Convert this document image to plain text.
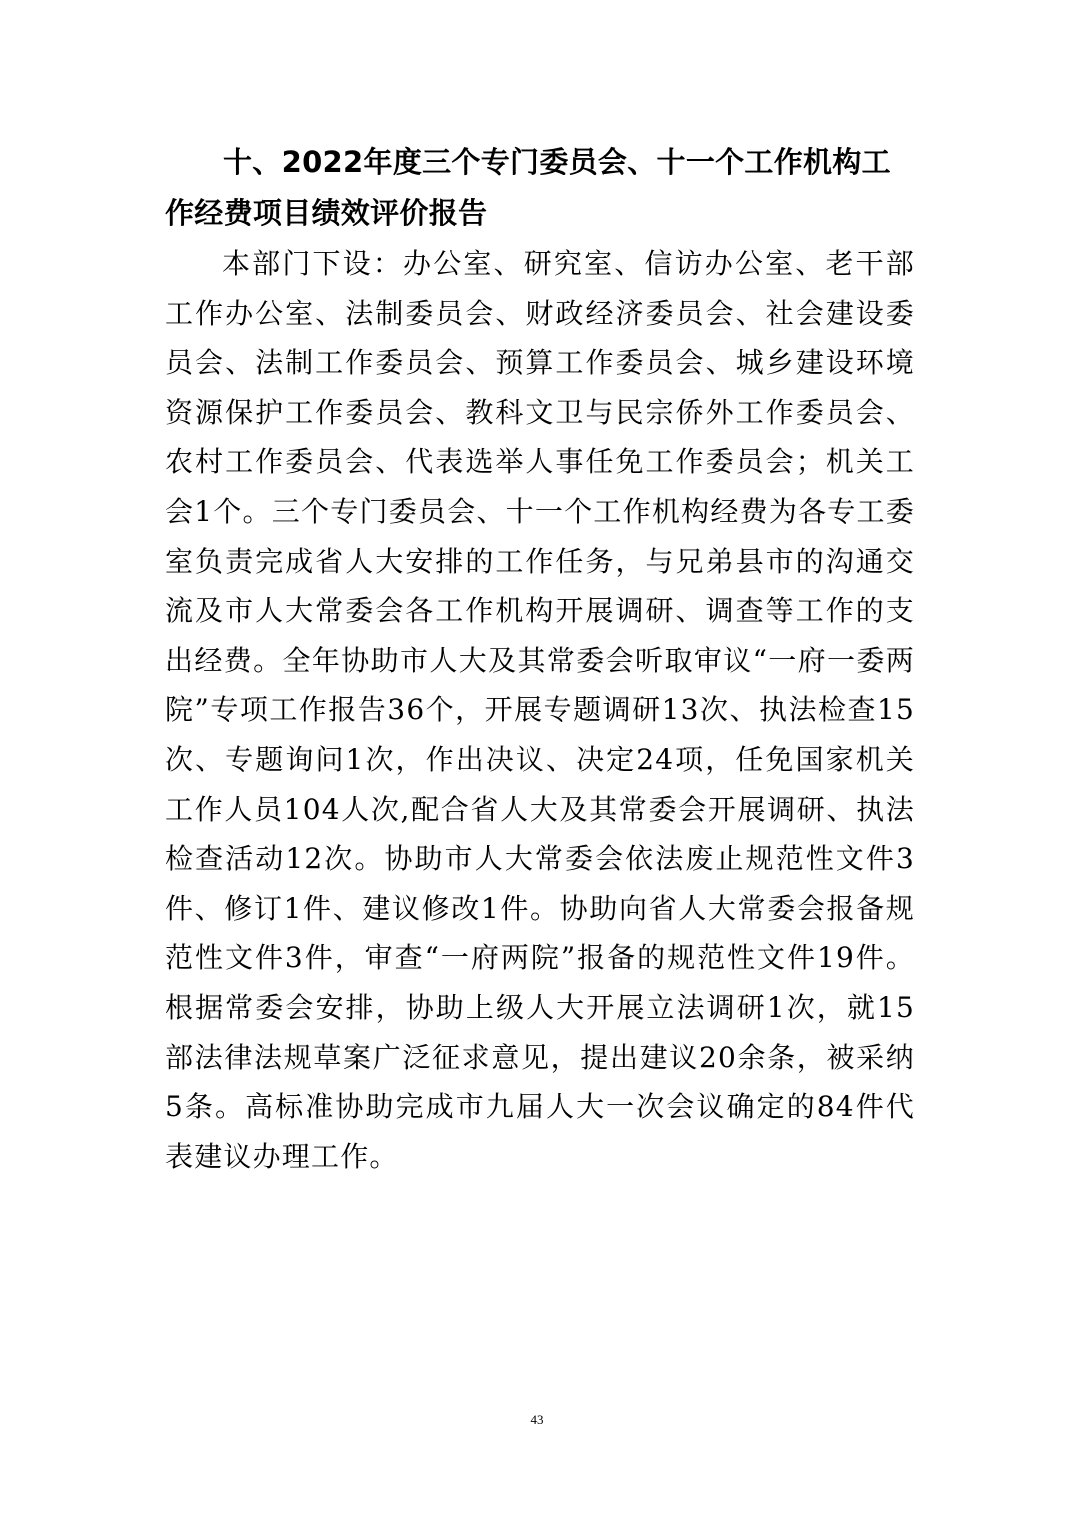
十、2022年度三个专门委员会、十一个工作机构工作经费项目绩效评价报告

本部门下设：办公室、研究室、信访办公室、老干部工作办公室、法制委员会、财政经济委员会、社会建设委员会、法制工作委员会、预算工作委员会、城乡建设环境资源保护工作委员会、教科文卫与民宗侨外工作委员会、农村工作委员会、代表选举人事任免工作委员会；机关工会1个。三个专门委员会、十一个工作机构经费为各专工委室负责完成省人大安排的工作任务，与兄弟县市的沟通交流及市人大常委会各工作机构开展调研、调查等工作的支出经费。全年协助市人大及其常委会听取审议“一府一委两院”专项工作报告36个，开展专题调研13次、执法检查15次、专题询问1次，作出决议、决定24项，任免国家机关工作人员104人次,配合省人大及其常委会开展调研、执法检查活动12次。协助市人大常委会依法废止规范性文件3件、修订1件、建议修改1件。协助向省人大常委会报备规范性文件3件，审查“一府两院”报备的规范性文件19件。根据常委会安排，协助上级人大开展立法调研1次，就15部法律法规草案广泛征求意见，提出建议20余条，被采纳5条。高标准协助完成市九届人大一次会议确定的84件代表建议办理工作。

43
